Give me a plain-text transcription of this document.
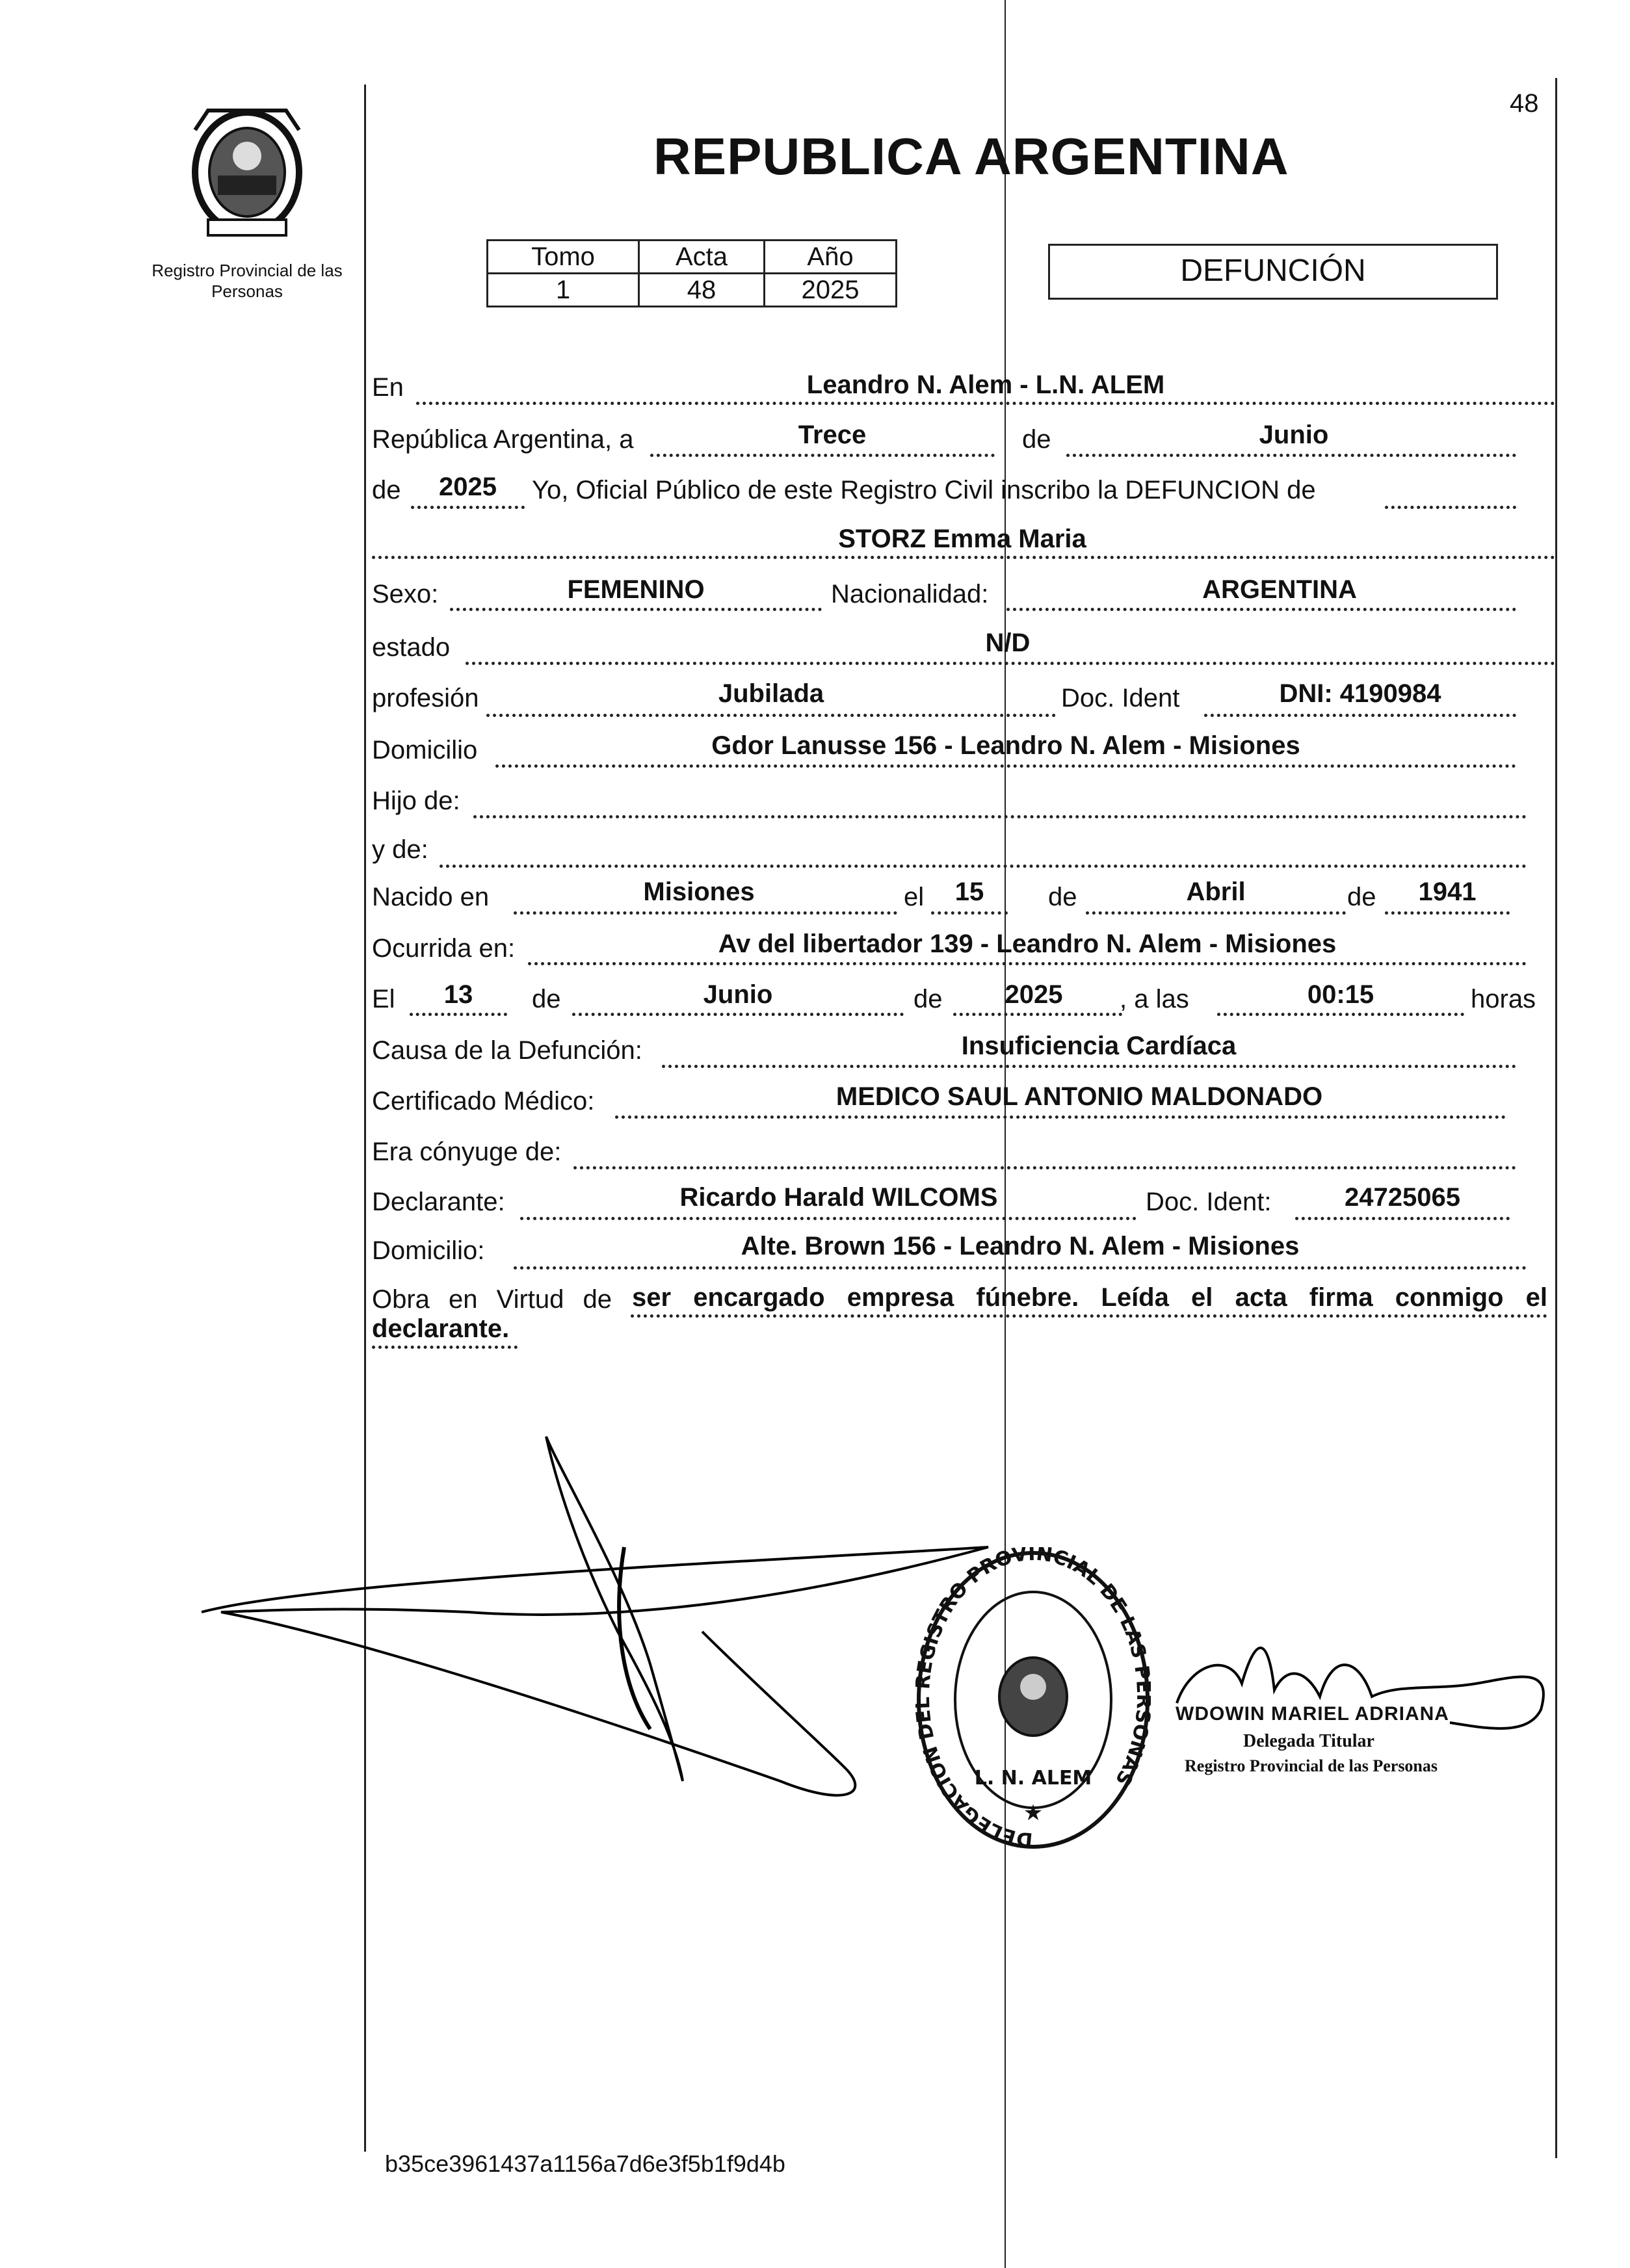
Registro Provincial de las Personas
48
REPUBLICA ARGENTINA
Tomo	Acta	Año
1	48	2025
DEFUNCIÓN
En	Leandro N. Alem - L.N. ALEM
República Argentina, a	Trece	de	Junio
de	2025	Yo, Oficial Público de este Registro Civil inscribo la DEFUNCION de
STORZ Emma Maria
Sexo:	FEMENINO	Nacionalidad:	ARGENTINA
estado	N/D
profesión	Jubilada	Doc. Ident	DNI: 4190984
Domicilio	Gdor Lanusse 156 - Leandro N. Alem - Misiones
Hijo de:
y de:
Nacido en	Misiones	el	15	de	Abril	de	1941
Ocurrida en:	Av del libertador 139 - Leandro N. Alem - Misiones
El	13	de	Junio	de	2025	, a las	00:15	horas
Causa de la Defunción:	Insuficiencia Cardíaca
Certificado Médico:	MEDICO SAUL ANTONIO MALDONADO
Era cónyuge de:
Declarante:	Ricardo Harald WILCOMS	Doc. Ident:	24725065
Domicilio:	Alte. Brown 156 - Leandro N. Alem - Misiones
Obra en Virtud de ser encargado empresa fúnebre. Leída el acta firma conmigo el
declarante.
DELEGACION D EGISTRO PROVINCIAL DE LAS ONAS
L. N. ALEM
★
WDOWIN MARIEL ADRIANA
Delegada Titular
Registro Provincial de las Personas
b35ce3961437a1156a7d6e3f5b1f9d4b
